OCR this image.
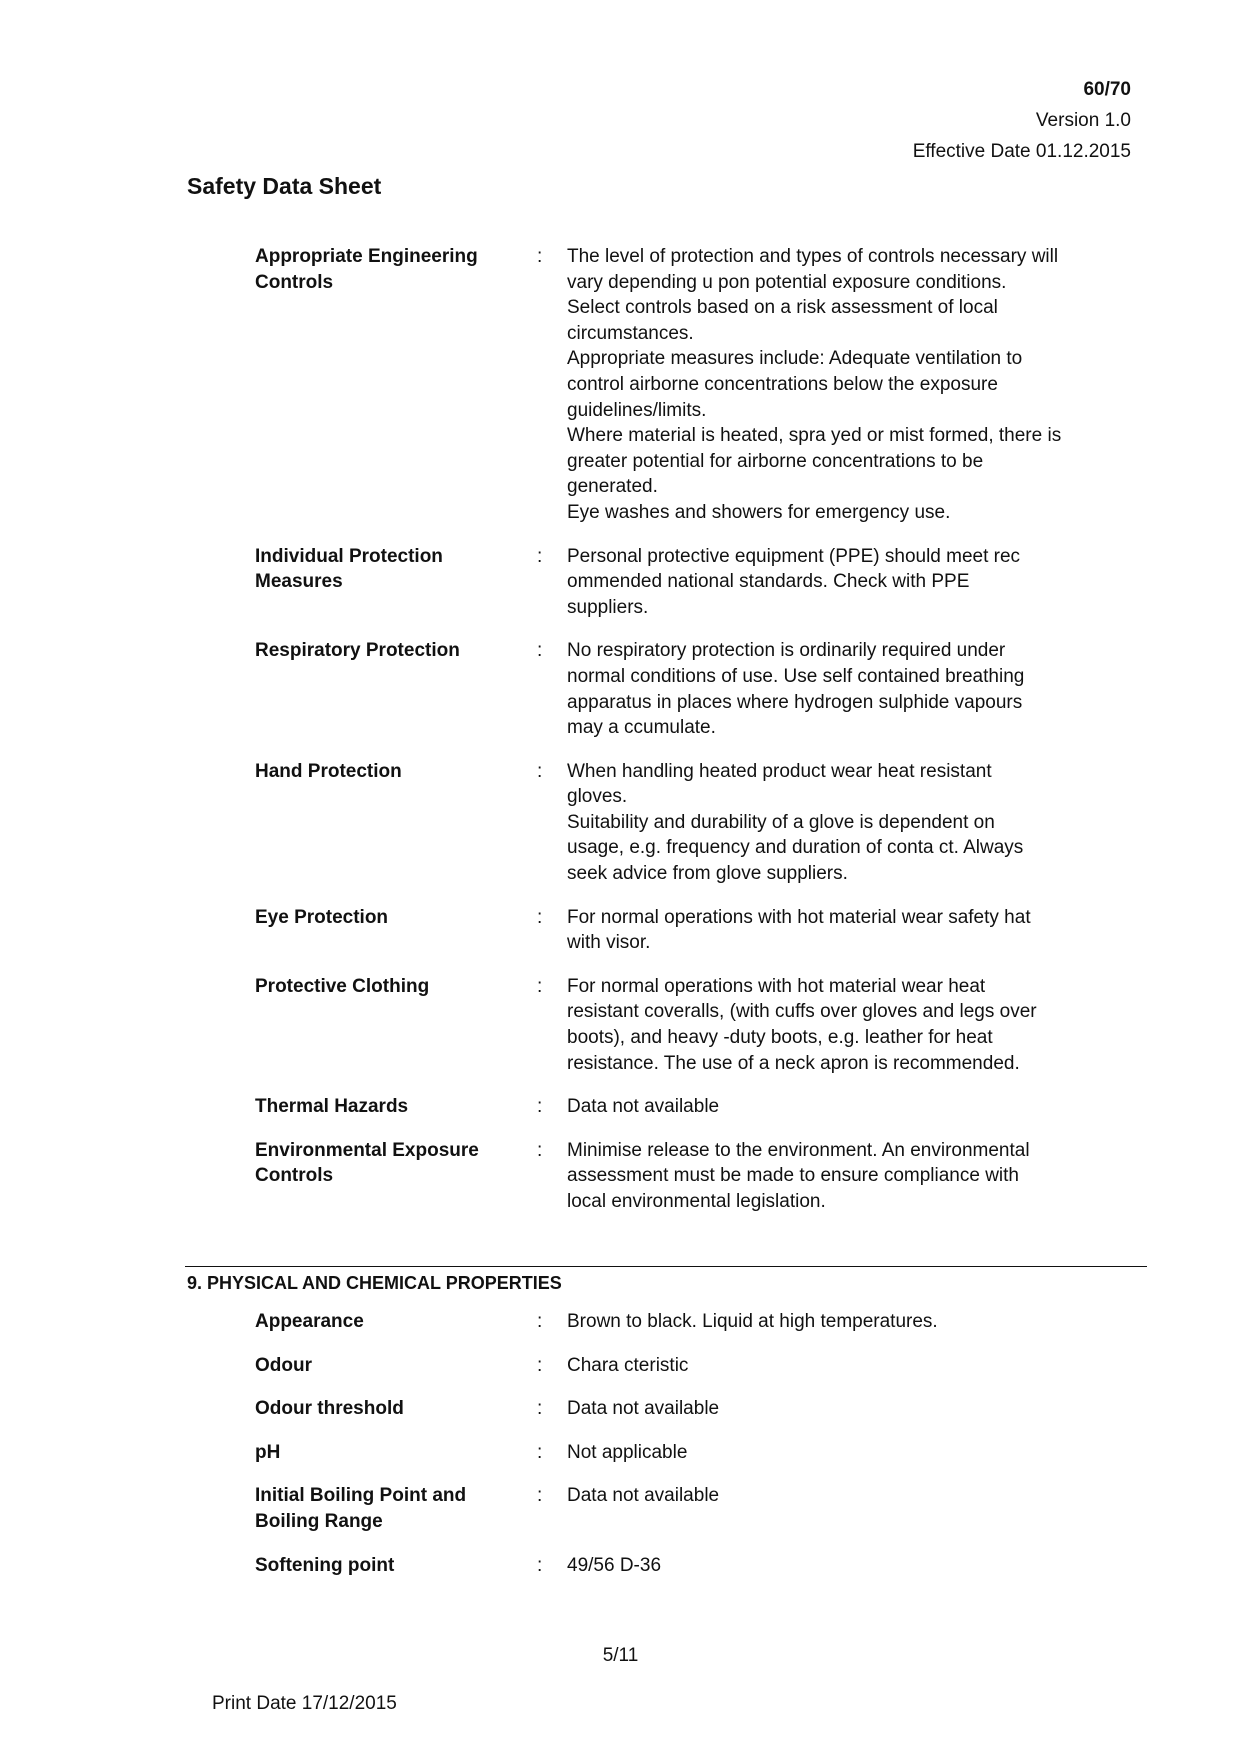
60/70
Version 1.0
Effective Date 01.12.2015
Safety Data Sheet
Appropriate Engineering
Controls
:	The level of protection and types of controls necessary will
vary depending u pon potential exposure conditions.
Select controls based on a risk assessment of local
circumstances.
Appropriate measures include: Adequate ventilation to
control airborne concentrations below the exposure
guidelines/limits.
Where material is heated, spra yed or mist formed, there is
greater potential for airborne concentrations to be
generated.
Eye washes and showers for emergency use.
Individual Protection
Measures
:	Personal protective equipment (PPE) should meet rec
ommended national standards. Check with PPE
suppliers.
Respiratory Protection	:	No respiratory protection is ordinarily required under
normal conditions of use. Use self contained breathing
apparatus in places where hydrogen sulphide vapours
may a ccumulate.
Hand Protection	:	When handling heated product wear heat resistant
gloves.
Suitability and durability of a glove is dependent on
usage, e.g. frequency and duration of conta ct. Always
seek advice from glove suppliers.
Eye Protection	:	For normal operations with hot material wear safety hat
with visor.
Protective Clothing	:	For normal operations with hot material wear heat
resistant coveralls, (with cuffs over gloves and legs over
boots), and heavy -duty boots, e.g. leather for heat
resistance. The use of a neck apron is recommended.
Thermal Hazards	:	Data not available
Environmental Exposure
Controls
:	Minimise release to the environment. An environmental
assessment must be made to ensure compliance with
local environmental legislation.
9. PHYSICAL AND CHEMICAL PROPERTIES
Appearance	:	Brown to black. Liquid at high temperatures.
Odour	:	Chara cteristic
Odour threshold	:	Data not available
pH	:	Not applicable
Initial Boiling Point and
Boiling Range
:	Data not available
Softening point	:	49/56 D-36
5/11
Print Date 17/12/2015
